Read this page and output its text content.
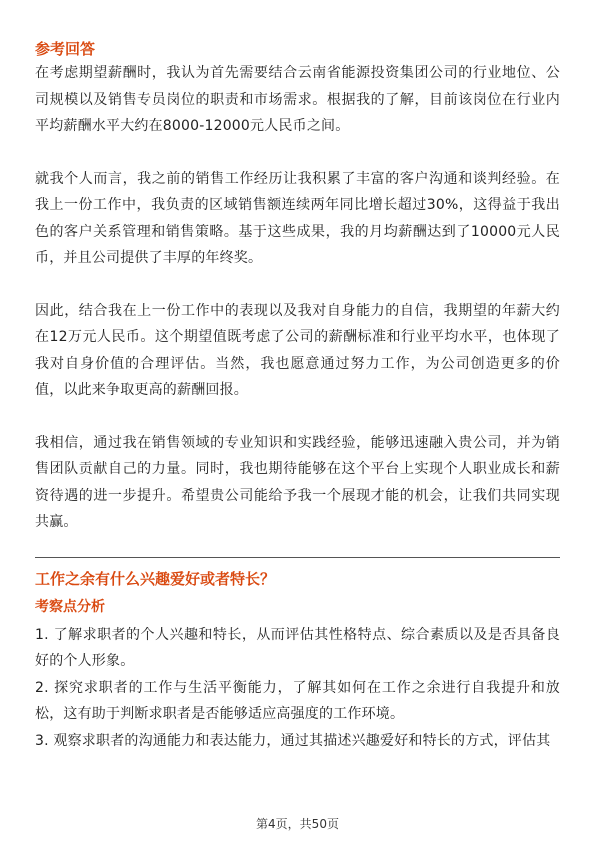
参考回答

在考虑期望薪酬时，我认为首先需要结合云南省能源投资集团公司的行业地位、公司规模以及销售专员岗位的职责和市场需求。根据我的了解，目前该岗位在行业内平均薪酬水平大约在8000-12000元人民币之间。

就我个人而言，我之前的销售工作经历让我积累了丰富的客户沟通和谈判经验。在我上一份工作中，我负责的区域销售额连续两年同比增长超过30%，这得益于我出色的客户关系管理和销售策略。基于这些成果，我的月均薪酬达到了10000元人民币，并且公司提供了丰厚的年终奖。

因此，结合我在上一份工作中的表现以及我对自身能力的自信，我期望的年薪大约在12万元人民币。这个期望值既考虑了公司的薪酬标准和行业平均水平，也体现了我对自身价值的合理评估。当然，我也愿意通过努力工作，为公司创造更多的价值，以此来争取更高的薪酬回报。

我相信，通过我在销售领域的专业知识和实践经验，能够迅速融入贵公司，并为销售团队贡献自己的力量。同时，我也期待能够在这个平台上实现个人职业成长和薪资待遇的进一步提升。希望贵公司能给予我一个展现才能的机会，让我们共同实现共赢。

工作之余有什么兴趣爱好或者特长？

考察点分析

1. 了解求职者的个人兴趣和特长，从而评估其性格特点、综合素质以及是否具备良好的个人形象。

2. 探究求职者的工作与生活平衡能力，了解其如何在工作之余进行自我提升和放松，这有助于判断求职者是否能够适应高强度的工作环境。

3. 观察求职者的沟通能力和表达能力，通过其描述兴趣爱好和特长的方式，评估其

第4页，共50页
